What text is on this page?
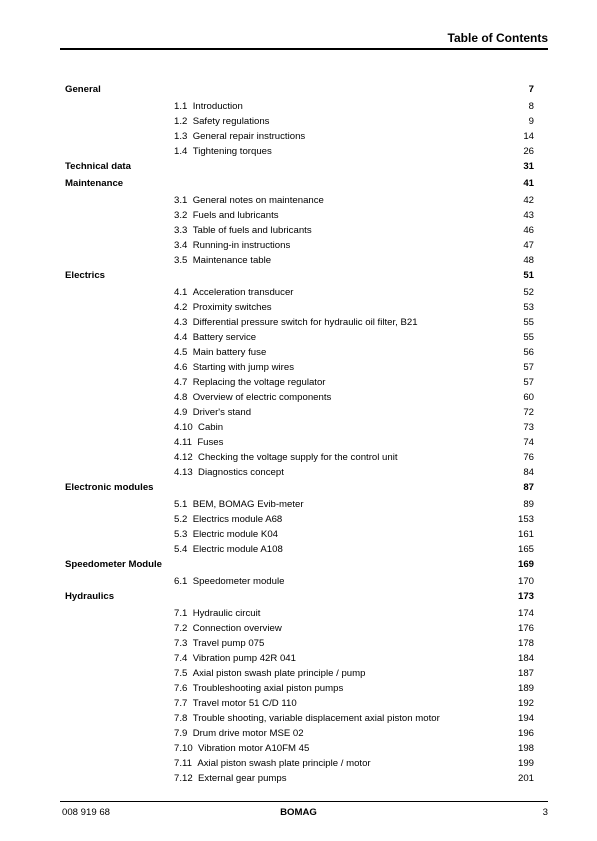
Table of Contents
General	7
1.1 Introduction	8
1.2 Safety regulations	9
1.3 General repair instructions	14
1.4 Tightening torques	26
Technical data	31
Maintenance	41
3.1 General notes on maintenance	42
3.2 Fuels and lubricants	43
3.3 Table of fuels and lubricants	46
3.4 Running-in instructions	47
3.5 Maintenance table	48
Electrics	51
4.1 Acceleration transducer	52
4.2 Proximity switches	53
4.3 Differential pressure switch for hydraulic oil filter, B21	55
4.4 Battery service	55
4.5 Main battery fuse	56
4.6 Starting with jump wires	57
4.7 Replacing the voltage regulator	57
4.8 Overview of electric components	60
4.9 Driver's stand	72
4.10 Cabin	73
4.11 Fuses	74
4.12 Checking the voltage supply for the control unit	76
4.13 Diagnostics concept	84
Electronic modules	87
5.1 BEM, BOMAG Evib-meter	89
5.2 Electrics module A68	153
5.3 Electric module K04	161
5.4 Electric module A108	165
Speedometer Module	169
6.1 Speedometer module	170
Hydraulics	173
7.1 Hydraulic circuit	174
7.2 Connection overview	176
7.3 Travel pump 075	178
7.4 Vibration pump 42R 041	184
7.5 Axial piston swash plate principle / pump	187
7.6 Troubleshooting axial piston pumps	189
7.7 Travel motor 51 C/D 110	192
7.8 Trouble shooting, variable displacement axial piston motor	194
7.9 Drum drive motor MSE 02	196
7.10 Vibration motor A10FM 45	198
7.11 Axial piston swash plate principle / motor	199
7.12 External gear pumps	201
008 919 68	BOMAG	3
